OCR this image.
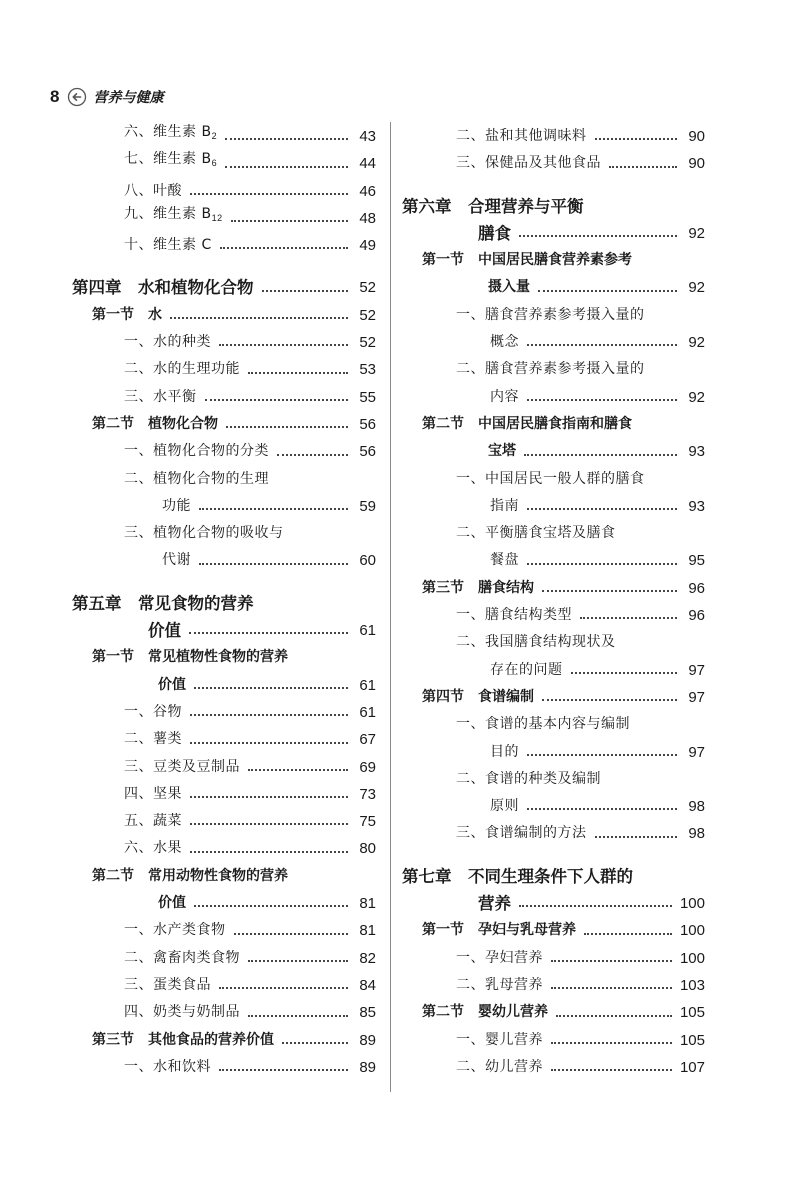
8 营养与健康
六、维生素 $B_2$	43
七、维生素 $B_6$	44
八、叶酸	46
九、维生素 $B_{12}$	48
十、维生素 C	49
第四章　水和植物化合物	52
第一节　水	52
一、水的种类	52
二、水的生理功能	53
三、水平衡	55
第二节　植物化合物	56
一、植物化合物的分类	56
二、植物化合物的生理
功能	59
三、植物化合物的吸收与
代谢	60
第五章　常见食物的营养
价值	61
第一节　常见植物性食物的营养
价值	61
一、谷物	61
二、薯类	67
三、豆类及豆制品	69
四、坚果	73
五、蔬菜	75
六、水果	80
第二节　常用动物性食物的营养
价值	81
一、水产类食物	81
二、禽畜肉类食物	82
三、蛋类食品	84
四、奶类与奶制品	85
第三节　其他食品的营养价值	89
一、水和饮料	89
二、盐和其他调味料	90
三、保健品及其他食品	90
第六章　合理营养与平衡
膳食	92
第一节　中国居民膳食营养素参考
摄入量	92
一、膳食营养素参考摄入量的
概念	92
二、膳食营养素参考摄入量的
内容	92
第二节　中国居民膳食指南和膳食
宝塔	93
一、中国居民一般人群的膳食
指南	93
二、平衡膳食宝塔及膳食
餐盘	95
第三节　膳食结构	96
一、膳食结构类型	96
二、我国膳食结构现状及
存在的问题	97
第四节　食谱编制	97
一、食谱的基本内容与编制
目的	97
二、食谱的种类及编制
原则	98
三、食谱编制的方法	98
第七章　不同生理条件下人群的
营养	100
第一节　孕妇与乳母营养	100
一、孕妇营养	100
二、乳母营养	103
第二节　婴幼儿营养	105
一、婴儿营养	105
二、幼儿营养	107
